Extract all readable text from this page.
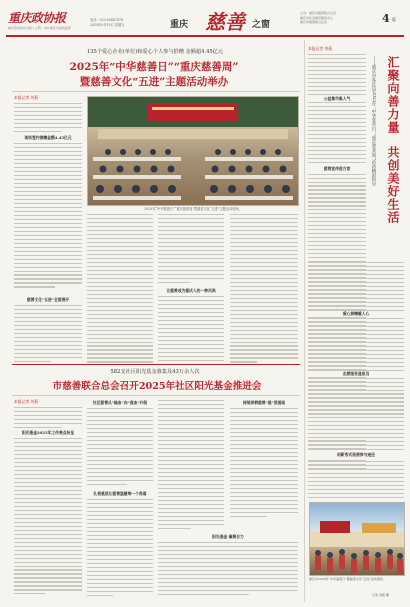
重庆政协报
重庆政协报社出版 | 主管：中共重庆市委统战部
电话：023-63647878
2025年9月19日 星期五	重庆 慈善 之窗
主办：重庆市慈善联合总会
重庆市社会组织服务中心
重庆市慈善联合总会	4 版
135个爱心企业(单位)和爱心个人参与捐赠 金额超4.45亿元
2025年“中华慈善日”“重庆慈善周”
暨慈善文化“五进”主题活动举办
本报记者 刘燕
现场签约捐赠金额4.45亿元
慈善文化“五进”全面展开
2025年“中华慈善日”“重庆慈善周”暨慈善文化“五进”主题活动现场。
让慈善成为重庆人的一种风尚
582支社区阳光基金募集及43万余人次
市慈善联合总会召开2025年社区阳光基金推进会
本报记者 刘燕
阳光基金2025年工作亮点纷呈
社区慈善从“输血”向“造血”升级
扎根基层让慈善温暖每一个角落
持续深耕慈善“基”层基础
阳光基金 凝聚合力
本报记者 刘燕
汇聚向善力量
共创美好生活
——重庆市各区县2025年“中华慈善日”“重庆慈善周”活动精彩纷呈
公益集市聚人气
慈善宣传进万家
爱心捐赠暖人心
志愿服务显担当
创新形式拓展参与途径
重庆市2025年“中华慈善日”暨慈善文化“五进”活动现场。
记者 刘燕 摄
